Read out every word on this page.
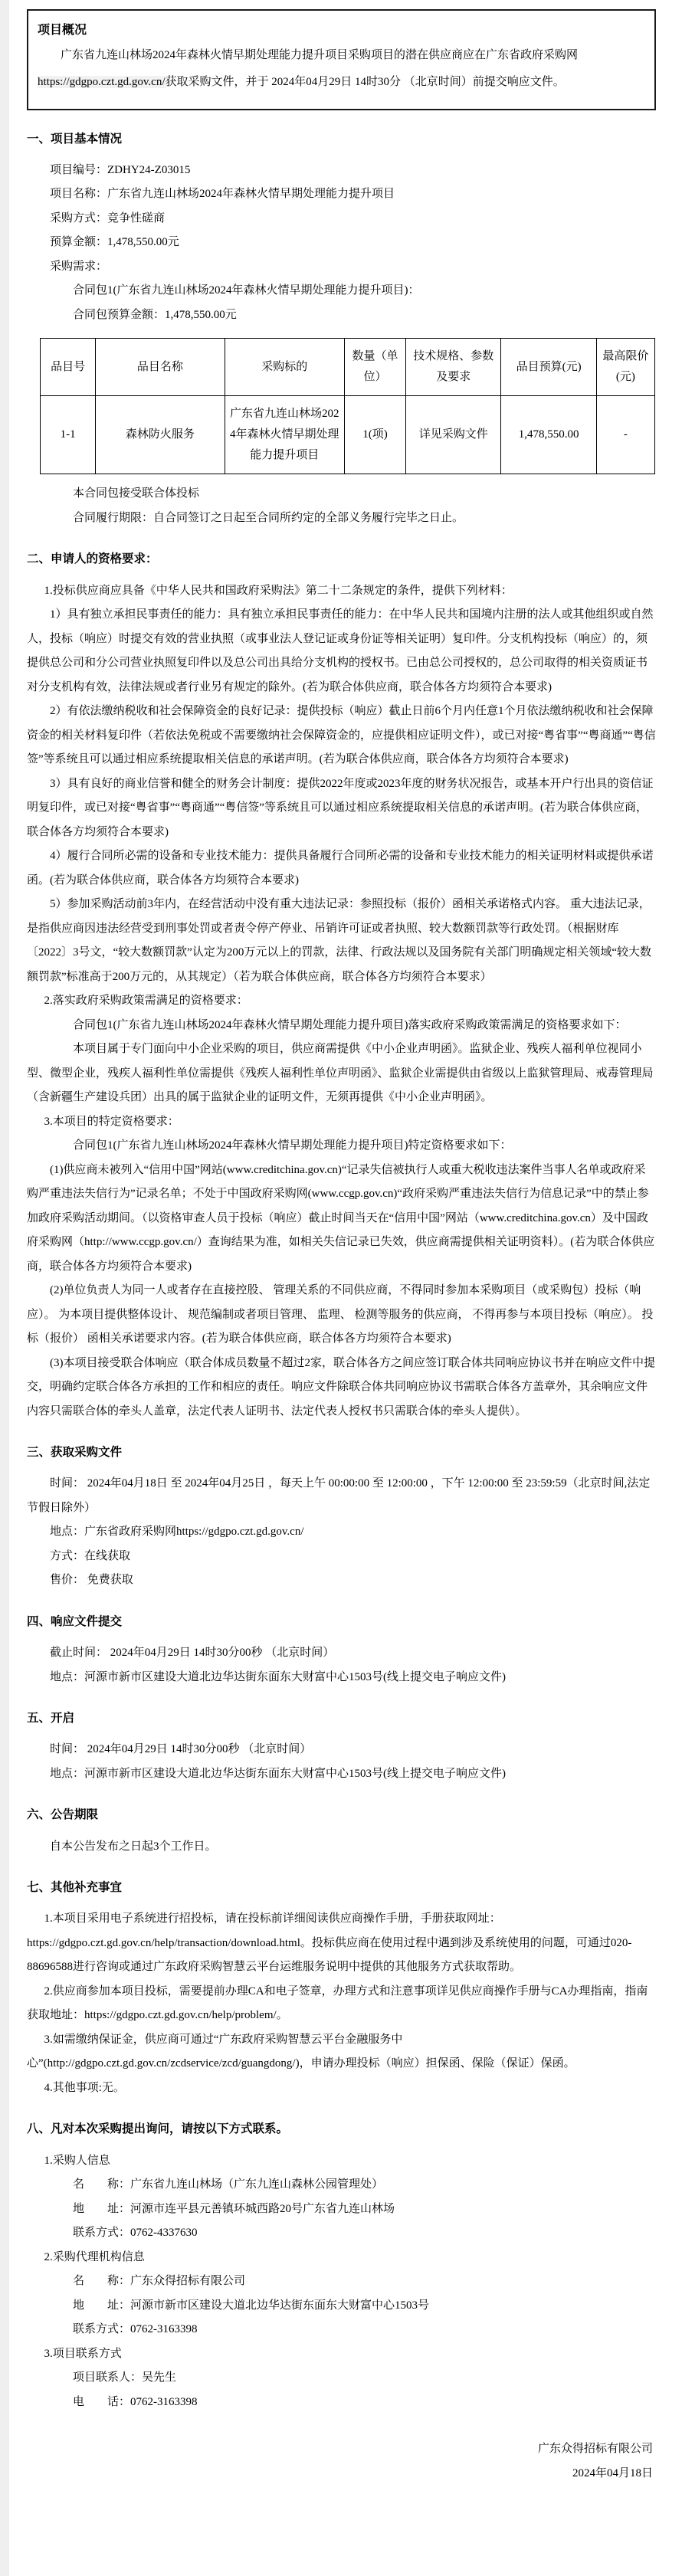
项目概况

广东省九连山林场2024年森林火情早期处理能力提升项目采购项目的潜在供应商应在广东省政府采购网https://gdgpo.czt.gd.gov.cn/获取采购文件，并于 2024年04月29日 14时30分 （北京时间）前提交响应文件。

一、项目基本情况

项目编号：ZDHY24-Z03015

项目名称：广东省九连山林场2024年森林火情早期处理能力提升项目

采购方式：竞争性磋商

预算金额：1,478,550.00元

采购需求：

合同包1(广东省九连山林场2024年森林火情早期处理能力提升项目)：

合同包预算金额：1,478,550.00元

品目号	品目名称	采购标的	数量（单位）	技术规格、参数及要求	品目预算(元)	最高限价(元)
1-1	森林防火服务	广东省九连山林场2024年森林火情早期处理能力提升项目	1(项)	详见采购文件	1,478,550.00	-

本合同包接受联合体投标

合同履行期限：自合同签订之日起至合同所约定的全部义务履行完毕之日止。

二、申请人的资格要求：

1.投标供应商应具备《中华人民共和国政府采购法》第二十二条规定的条件，提供下列材料：

1）具有独立承担民事责任的能力：具有独立承担民事责任的能力：在中华人民共和国境内注册的法人或其他组织或自然人，投标（响应）时提交有效的营业执照（或事业法人登记证或身份证等相关证明）复印件。分支机构投标（响应）的，须提供总公司和分公司营业执照复印件以及总公司出具给分支机构的授权书。已由总公司授权的，总公司取得的相关资质证书对分支机构有效，法律法规或者行业另有规定的除外。(若为联合体供应商，联合体各方均须符合本要求)

2）有依法缴纳税收和社会保障资金的良好记录：提供投标（响应）截止日前6个月内任意1个月依法缴纳税收和社会保障资金的相关材料复印件（若依法免税或不需要缴纳社会保障资金的，应提供相应证明文件），或已对接“粤省事”“粤商通”“粤信签”等系统且可以通过相应系统提取相关信息的承诺声明。(若为联合体供应商，联合体各方均须符合本要求)

3）具有良好的商业信誉和健全的财务会计制度：提供2022年度或2023年度的财务状况报告，或基本开户行出具的资信证明复印件，或已对接“粤省事”“粤商通”“粤信签”等系统且可以通过相应系统提取相关信息的承诺声明。(若为联合体供应商，联合体各方均须符合本要求)

4）履行合同所必需的设备和专业技术能力：提供具备履行合同所必需的设备和专业技术能力的相关证明材料或提供承诺函。(若为联合体供应商，联合体各方均须符合本要求)

5）参加采购活动前3年内，在经营活动中没有重大违法记录：参照投标（报价）函相关承诺格式内容。 重大违法记录，是指供应商因违法经营受到刑事处罚或者责令停产停业、吊销许可证或者执照、较大数额罚款等行政处罚。（根据财库〔2022〕3号文，“较大数额罚款”认定为200万元以上的罚款，法律、行政法规以及国务院有关部门明确规定相关领域“较大数额罚款”标准高于200万元的，从其规定）（若为联合体供应商，联合体各方均须符合本要求）

2.落实政府采购政策需满足的资格要求：

合同包1(广东省九连山林场2024年森林火情早期处理能力提升项目)落实政府采购政策需满足的资格要求如下：

本项目属于专门面向中小企业采购的项目，供应商需提供《中小企业声明函》。监狱企业、残疾人福利单位视同小型、微型企业，残疾人福利性单位需提供《残疾人福利性单位声明函》、监狱企业需提供由省级以上监狱管理局、戒毒管理局（含新疆生产建设兵团）出具的属于监狱企业的证明文件，无须再提供《中小企业声明函》。

3.本项目的特定资格要求：

合同包1(广东省九连山林场2024年森林火情早期处理能力提升项目)特定资格要求如下：

(1)供应商未被列入“信用中国”网站(www.creditchina.gov.cn)“记录失信被执行人或重大税收违法案件当事人名单或政府采购严重违法失信行为”记录名单；不处于中国政府采购网(www.ccgp.gov.cn)“政府采购严重违法失信行为信息记录”中的禁止参加政府采购活动期间。（以资格审查人员于投标（响应）截止时间当天在“信用中国”网站（www.creditchina.gov.cn）及中国政府采购网（http://www.ccgp.gov.cn/）查询结果为准，如相关失信记录已失效，供应商需提供相关证明资料）。(若为联合体供应商，联合体各方均须符合本要求)

(2)单位负责人为同一人或者存在直接控股、 管理关系的不同供应商，不得同时参加本采购项目（或采购包）投标（响应）。 为本项目提供整体设计、 规范编制或者项目管理、 监理、 检测等服务的供应商， 不得再参与本项目投标（响应）。 投标（报价） 函相关承诺要求内容。(若为联合体供应商，联合体各方均须符合本要求)

(3)本项目接受联合体响应（联合体成员数量不超过2家，联合体各方之间应签订联合体共同响应协议书并在响应文件中提交，明确约定联合体各方承担的工作和相应的责任。响应文件除联合体共同响应协议书需联合体各方盖章外，其余响应文件内容只需联合体的牵头人盖章，法定代表人证明书、法定代表人授权书只需联合体的牵头人提供）。

三、获取采购文件

时间： 2024年04月18日 至 2024年04月25日 ，每天上午 00:00:00 至 12:00:00 ，下午 12:00:00 至 23:59:59（北京时间,法定节假日除外）

地点：广东省政府采购网https://gdgpo.czt.gd.gov.cn/

方式：在线获取

售价： 免费获取

四、响应文件提交

截止时间： 2024年04月29日 14时30分00秒 （北京时间）

地点：河源市新市区建设大道北边华达街东面东大财富中心1503号(线上提交电子响应文件)

五、开启

时间： 2024年04月29日 14时30分00秒 （北京时间）

地点：河源市新市区建设大道北边华达街东面东大财富中心1503号(线上提交电子响应文件)

六、公告期限

自本公告发布之日起3个工作日。

七、其他补充事宜

1.本项目采用电子系统进行招投标，请在投标前详细阅读供应商操作手册，手册获取网址：https://gdgpo.czt.gd.gov.cn/help/transaction/download.html。投标供应商在使用过程中遇到涉及系统使用的问题，可通过020-88696588进行咨询或通过广东政府采购智慧云平台运维服务说明中提供的其他服务方式获取帮助。

2.供应商参加本项目投标，需要提前办理CA和电子签章，办理方式和注意事项详见供应商操作手册与CA办理指南，指南获取地址：https://gdgpo.czt.gd.gov.cn/help/problem/。

3.如需缴纳保证金，供应商可通过“广东政府采购智慧云平台金融服务中心”(http://gdgpo.czt.gd.gov.cn/zcdservice/zcd/guangdong/)，申请办理投标（响应）担保函、保险（保证）保函。

4.其他事项:无。

八、凡对本次采购提出询问，请按以下方式联系。

1.采购人信息

名　　称：广东省九连山林场（广东九连山森林公园管理处）

地　　址：河源市连平县元善镇环城西路20号广东省九连山林场

联系方式：0762-4337630

2.采购代理机构信息

名　　称：广东众得招标有限公司

地　　址：河源市新市区建设大道北边华达街东面东大财富中心1503号

联系方式：0762-3163398

3.项目联系方式

项目联系人：吴先生

电　　话：0762-3163398

广东众得招标有限公司

2024年04月18日
